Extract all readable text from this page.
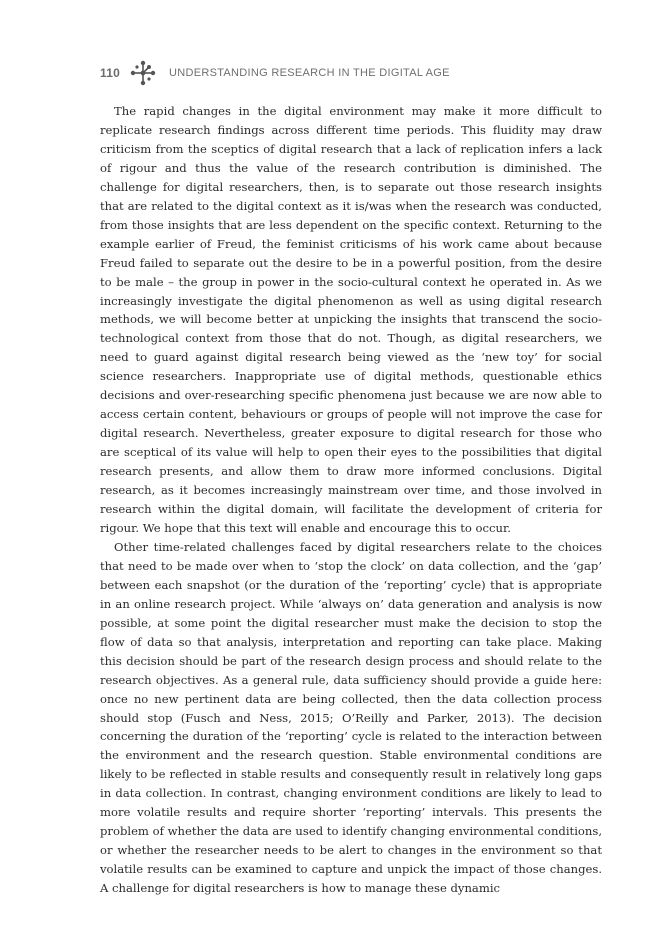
110	UNDERSTANDING RESEARCH IN THE DIGITAL AGE

The rapid changes in the digital environment may make it more difficult to replicate research findings across different time periods. This fluidity may draw criticism from the sceptics of digital research that a lack of replication infers a lack of rigour and thus the value of the research contribution is diminished. The challenge for digital researchers, then, is to separate out those research insights that are related to the digital context as it is/was when the research was conducted, from those insights that are less dependent on the specific context. Returning to the example earlier of Freud, the feminist criticisms of his work came about because Freud failed to separate out the desire to be in a powerful position, from the desire to be male – the group in power in the socio-cultural context he operated in. As we increasingly investigate the digital phenomenon as well as using digital research methods, we will become better at unpicking the insights that transcend the socio-technological context from those that do not. Though, as digital researchers, we need to guard against digital research being viewed as the ‘new toy’ for social science researchers. Inappropriate use of digital methods, questionable ethics decisions and over-researching specific phenomena just because we are now able to access certain content, behaviours or groups of people will not improve the case for digital research. Nevertheless, greater exposure to digital research for those who are sceptical of its value will help to open their eyes to the possibilities that digital research presents, and allow them to draw more informed conclusions. Digital research, as it becomes increasingly mainstream over time, and those involved in research within the digital domain, will facilitate the development of criteria for rigour. We hope that this text will enable and encourage this to occur.

Other time-related challenges faced by digital researchers relate to the choices that need to be made over when to ‘stop the clock’ on data collection, and the ‘gap’ between each snapshot (or the duration of the ‘reporting’ cycle) that is appropriate in an online research project. While ‘always on’ data generation and analysis is now possible, at some point the digital researcher must make the decision to stop the flow of data so that analysis, interpretation and reporting can take place. Making this decision should be part of the research design process and should relate to the research objectives. As a general rule, data sufficiency should provide a guide here: once no new pertinent data are being collected, then the data collection process should stop (Fusch and Ness, 2015; O’Reilly and Parker, 2013). The decision concerning the duration of the ‘reporting’ cycle is related to the interaction between the environment and the research question. Stable environmental conditions are likely to be reflected in stable results and consequently result in relatively long gaps in data collection. In contrast, changing environment conditions are likely to lead to more volatile results and require shorter ‘reporting’ intervals. This presents the problem of whether the data are used to identify changing environmental conditions, or whether the researcher needs to be alert to changes in the environment so that volatile results can be examined to capture and unpick the impact of those changes. A challenge for digital researchers is how to manage these dynamic
